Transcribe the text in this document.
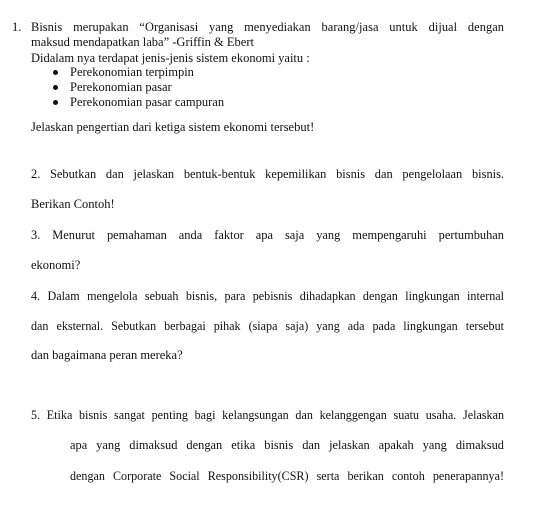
1. Bisnis merupakan “Organisasi yang menyediakan barang/jasa untuk dijual dengan
maksud mendapatkan laba” -Griffin & Ebert
Didalam nya terdapat jenis-jenis sistem ekonomi yaitu :
Perekonomian terpimpin
Perekonomian pasar
Perekonomian pasar campuran
Jelaskan pengertian dari ketiga sistem ekonomi tersebut!
2. Sebutkan dan jelaskan bentuk-bentuk kepemilikan bisnis dan pengelolaan bisnis.
Berikan Contoh!
3. Menurut pemahaman anda faktor apa saja yang mempengaruhi pertumbuhan
ekonomi?
4. Dalam mengelola sebuah bisnis, para pebisnis dihadapkan dengan lingkungan internal
dan eksternal. Sebutkan berbagai pihak (siapa saja) yang ada pada lingkungan tersebut
dan bagaimana peran mereka?
5. Etika bisnis sangat penting bagi kelangsungan dan kelanggengan suatu usaha. Jelaskan
apa yang dimaksud dengan etika bisnis dan jelaskan apakah yang dimaksud
dengan Corporate Social Responsibility(CSR) serta berikan contoh penerapannya!
